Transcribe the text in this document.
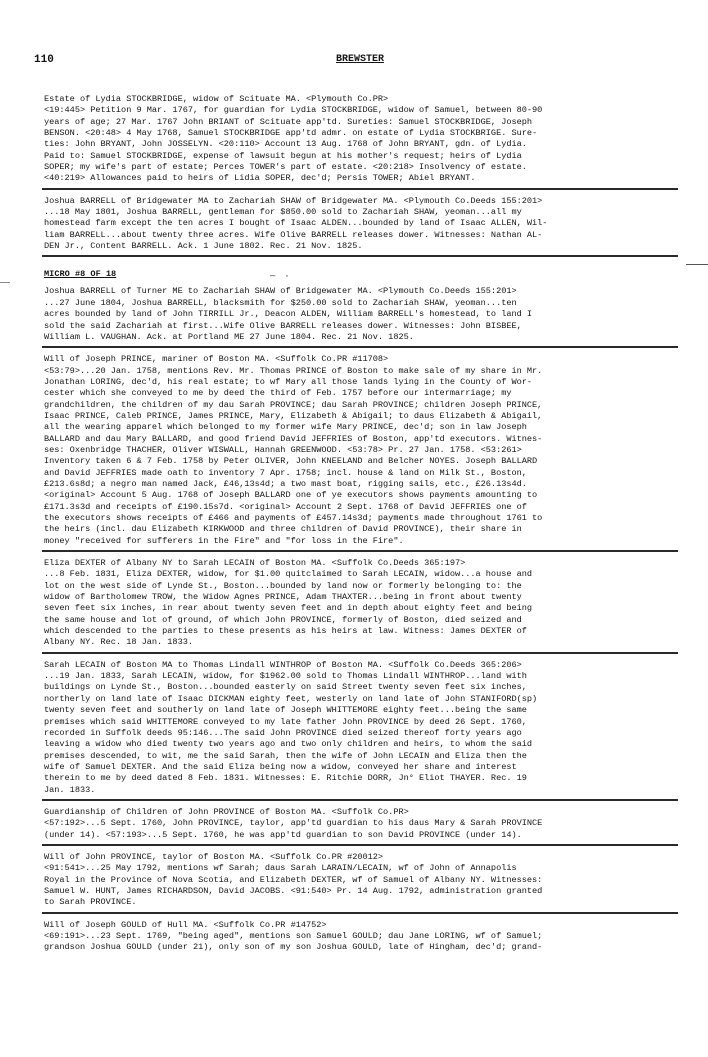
110	BREWSTER
Estate of Lydia STOCKBRIDGE, widow of Scituate MA. <Plymouth Co.PR>
<19:445> Petition 9 Mar. 1767, for guardian for Lydia STOCKBRIDGE, widow of Samuel, between 80-90
years of age; 27 Mar. 1767 John BRIANT of Scituate app'td. Sureties: Samuel STOCKBRIDGE, Joseph
BENSON. <20:48> 4 May 1768, Samuel STOCKBRIDGE app'td admr. on estate of Lydia STOCKBRIGE. Sure-
ties: John BRYANT, John JOSSELYN. <20:110> Account 13 Aug. 1768 of John BRYANT, gdn. of Lydia.
Paid to: Samuel STOCKBRIDGE, expense of lawsuit begun at his mother's request; heirs of Lydia
SOPER; my wife's part of estate; Perces TOWER's part of estate. <20:218> Insolvency of estate.
<40:219> Allowances paid to heirs of Lidia SOPER, dec'd; Persis TOWER; Abiel BRYANT.
Joshua BARRELL of Bridgewater MA to Zachariah SHAW of Bridgewater MA. <Plymouth Co.Deeds 155:201>
...18 May 1801, Joshua BARRELL, gentleman for $850.00 sold to Zachariah SHAW, yeoman...all my
homestead farm except the ten acres I bought of Isaac ALDEN...bounded by land of Isaac ALLEN, Wil-
liam BARRELL...about twenty three acres. Wife Olive BARRELL releases dower. Witnesses: Nathan AL-
DEN Jr., Content BARRELL. Ack. 1 June 1802. Rec. 21 Nov. 1825.
MICRO #8 OF 18	— ·
Joshua BARRELL of Turner ME to Zachariah SHAW of Bridgewater MA. <Plymouth Co.Deeds 155:201>
...27 June 1804, Joshua BARRELL, blacksmith for $250.00 sold to Zachariah SHAW, yeoman...ten
acres bounded by land of John TIRRILL Jr., Deacon ALDEN, William BARRELL's homestead, to land I
sold the said Zachariah at first...Wife Olive BARRELL releases dower. Witnesses: John BISBEE,
William L. VAUGHAN. Ack. at Portland ME 27 June 1804. Rec. 21 Nov. 1825.
Will of Joseph PRINCE, mariner of Boston MA. <Suffolk Co.PR #11708>
<53:79>...20 Jan. 1758, mentions Rev. Mr. Thomas PRINCE of Boston to make sale of my share in Mr.
Jonathan LORING, dec'd, his real estate; to wf Mary all those lands lying in the County of Wor-
cester which she conveyed to me by deed the third of Feb. 1757 before our intermarriage; my
grandchildren, the children of my dau Sarah PROVINCE; dau Sarah PROVINCE; children Joseph PRINCE,
Isaac PRINCE, Caleb PRINCE, James PRINCE, Mary, Elizabeth & Abigail; to daus Elizabeth & Abigail,
all the wearing apparel which belonged to my former wife Mary PRINCE, dec'd; son in law Joseph
BALLARD and dau Mary BALLARD, and good friend David JEFFRIES of Boston, app'td executors. Witnes-
ses: Oxenbridge THACHER, Oliver WISWALL, Hannah GREENWOOD. <53:78> Pr. 27 Jan. 1758. <53:261>
Inventory taken 6 & 7 Feb. 1758 by Peter OLIVER, John KNEELAND and Belcher NOYES. Joseph BALLARD
and David JEFFRIES made oath to inventory 7 Apr. 1758; incl. house & land on Milk St., Boston,
£213.6s8d; a negro man named Jack, £46,13s4d; a two mast boat, rigging sails, etc., £26.13s4d.
<original> Account 5 Aug. 1768 of Joseph BALLARD one of ye executors shows payments amounting to
£171.3s3d and receipts of £190.15s7d. <original> Account 2 Sept. 1768 of David JEFFRIES one of
the executors shows receipts of £466 and payments of £457.14s3d; payments made throughout 1761 to
the heirs (incl. dau Elizabeth KIRKWOOD and three children of David PROVINCE), their share in
money "received for sufferers in the Fire" and "for loss in the Fire".
Eliza DEXTER of Albany NY to Sarah LECAIN of Boston MA. <Suffolk Co.Deeds 365:197>
...8 Feb. 1831, Eliza DEXTER, widow, for $1.00 quitclaimed to Sarah LECAIN, widow...a house and
lot on the west side of Lynde St., Boston...bounded by land now or formerly belonging to: the
widow of Bartholomew TROW, the Widow Agnes PRINCE, Adam THAXTER...being in front about twenty
seven feet six inches, in rear about twenty seven feet and in depth about eighty feet and being
the same house and lot of ground, of which John PROVINCE, formerly of Boston, died seized and
which descended to the parties to these presents as his heirs at law. Witness: James DEXTER of
Albany NY. Rec. 18 Jan. 1833.
Sarah LECAIN of Boston MA to Thomas Lindall WINTHROP of Boston MA. <Suffolk Co.Deeds 365:206>
...19 Jan. 1833, Sarah LECAIN, widow, for $1962.00 sold to Thomas Lindall WINTHROP...land with
buildings on Lynde St., Boston...bounded easterly on said Street twenty seven feet six inches,
northerly on land late of Isaac DICKMAN eighty feet, westerly on land late of John STANIFORD(sp)
twenty seven feet and southerly on land late of Joseph WHITTEMORE eighty feet...being the same
premises which said WHITTEMORE conveyed to my late father John PROVINCE by deed 26 Sept. 1760,
recorded in Suffolk deeds 95:146...The said John PROVINCE died seized thereof forty years ago
leaving a widow who died twenty two years ago and two only children and heirs, to whom the said
premises descended, to wit, me the said Sarah, then the wife of John LECAIN and Eliza then the
wife of Samuel DEXTER. And the said Eliza being now a widow, conveyed her share and interest
therein to me by deed dated 8 Feb. 1831. Witnesses: E. Ritchie DORR, Jn° Eliot THAYER. Rec. 19
Jan. 1833.
Guardianship of Children of John PROVINCE of Boston MA. <Suffolk Co.PR>
<57:192>...5 Sept. 1760, John PROVINCE, taylor, app'td guardian to his daus Mary & Sarah PROVINCE
(under 14). <57:193>...5 Sept. 1760, he was app'td guardian to son David PROVINCE (under 14).
Will of John PROVINCE, taylor of Boston MA. <Suffolk Co.PR #20012>
<91:541>...25 May 1792, mentions wf Sarah; daus Sarah LARAIN/LECAIN, wf of John of Annapolis
Royal in the Province of Nova Scotia, and Elizabeth DEXTER, wf of Samuel of Albany NY. Witnesses:
Samuel W. HUNT, James RICHARDSON, David JACOBS. <91:540> Pr. 14 Aug. 1792, administration granted
to Sarah PROVINCE.
Will of Joseph GOULD of Hull MA. <Suffolk Co.PR #14752>
<69:191>...23 Sept. 1769, "being aged", mentions son Samuel GOULD; dau Jane LORING, wf of Samuel;
grandson Joshua GOULD (under 21), only son of my son Joshua GOULD, late of Hingham, dec'd; grand-
